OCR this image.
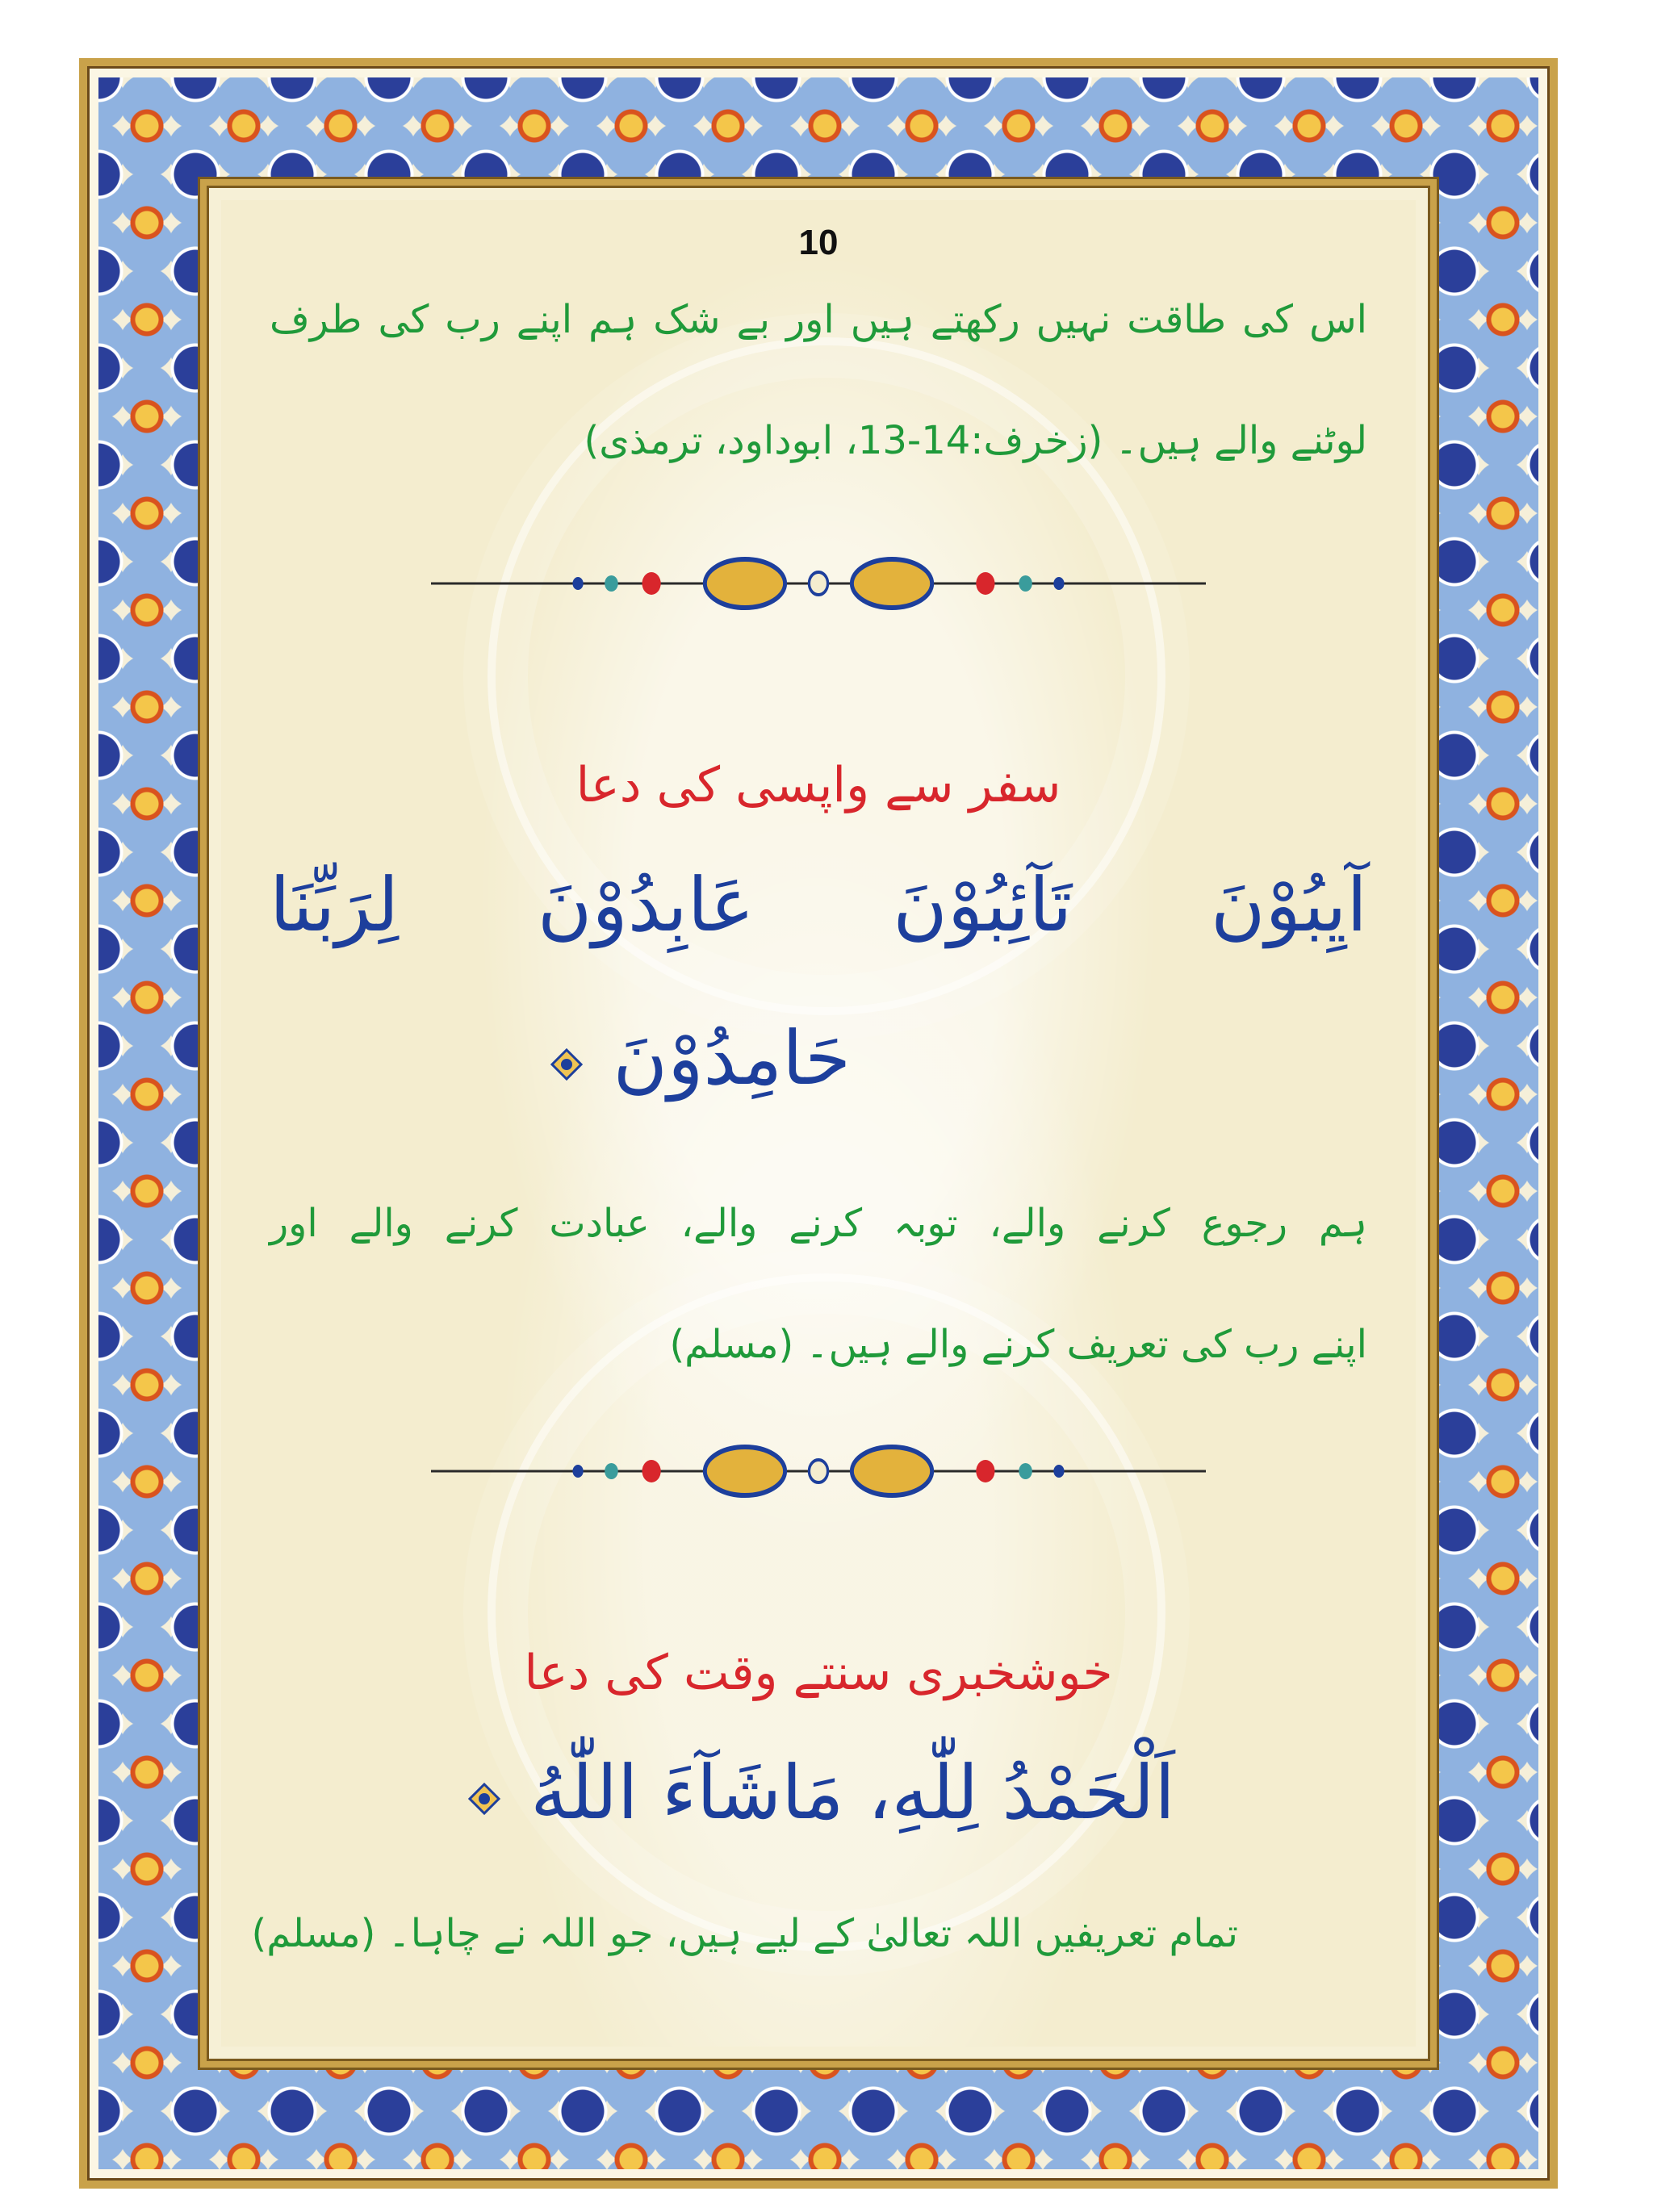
10
اس کی طاقت نہیں رکھتے ہیں اور بے شک ہم اپنے رب کی طرف
لوٹنے والے ہیں۔ (زخرف:14-13، ابوداود، ترمذی)
سفر سے واپسی کی دعا
آيِبُوْنَ تَآئِبُوْنَ عَابِدُوْنَ لِرَبِّنَا
حَامِدُوْنَ
ہم رجوع کرنے والے، توبہ کرنے والے، عبادت کرنے والے اور
اپنے رب کی تعریف کرنے والے ہیں۔ (مسلم)
خوشخبری سنتے وقت کی دعا
اَلْحَمْدُ لِلّٰهِ، مَاشَآءَ اللّٰهُ
تمام تعریفیں اللہ تعالیٰ کے لیے ہیں، جو اللہ نے چاہا۔ (مسلم)
